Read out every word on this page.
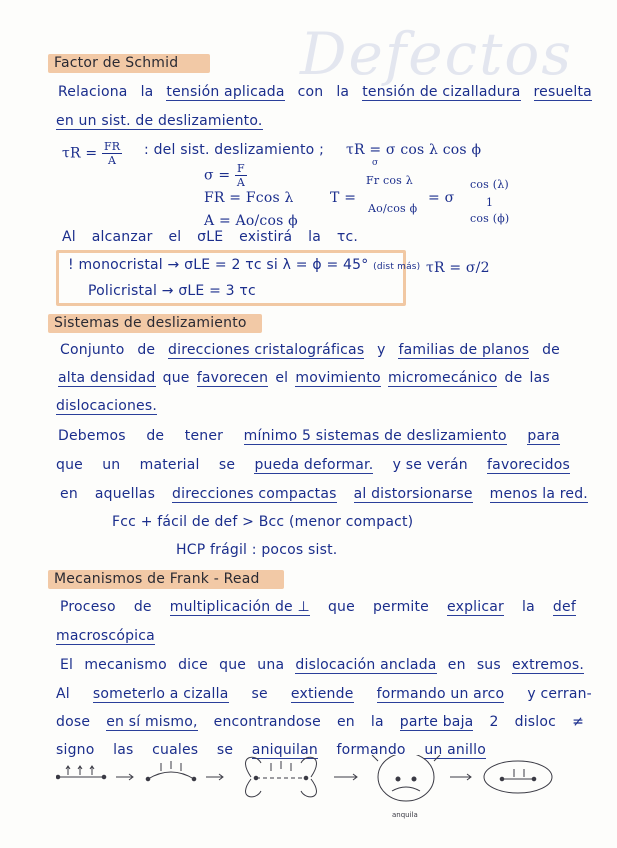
Defectos
Factor de Schmid
Relaciona la tensión aplicada con la tensión de cizalladura resuelta
en un sist. de deslizamiento.
$\tau R = \frac{FR}{A}$ : del sist. deslizamiento ; τR = σ cos λ cos ϕ
$\sigma = \frac{F}{A}$
FR = Fcos λ
A = Ao/cos ϕ
T =
σ
Fr cos λ
Ao/cos ϕ
= σ
cos (λ)
1
cos (ϕ)
Al alcanzar el σLE existirá la τc.
! monocristal → σLE = 2 τc si λ = ϕ = 45° (dist más)
Policristal → σLE = 3 τc
τR = σ/2
Sistemas de deslizamiento
Conjunto de direcciones cristalográficas y familias de planos de
alta densidad que favorecen el movimiento micromecánico de las
dislocaciones.
Debemos de tener mínimo 5 sistemas de deslizamiento para
que un material se pueda deformar. y se verán favorecidos
en aquellas direcciones compactas al distorsionarse menos la red.
Fcc + fácil de def > Bcc (menor compact)
HCP frágil : pocos sist.
Mecanismos de Frank - Read
Proceso de multiplicación de ⊥ que permite explicar la def
macroscópica
El mecanismo dice que una dislocación anclada en sus extremos.
Al someterlo a cizalla se extiende formando un arco y cerran-
dose en sí mismo, encontrandose en la parte baja 2 disloc ≠
signo las cuales se aniquilan formando un anillo
anquila
